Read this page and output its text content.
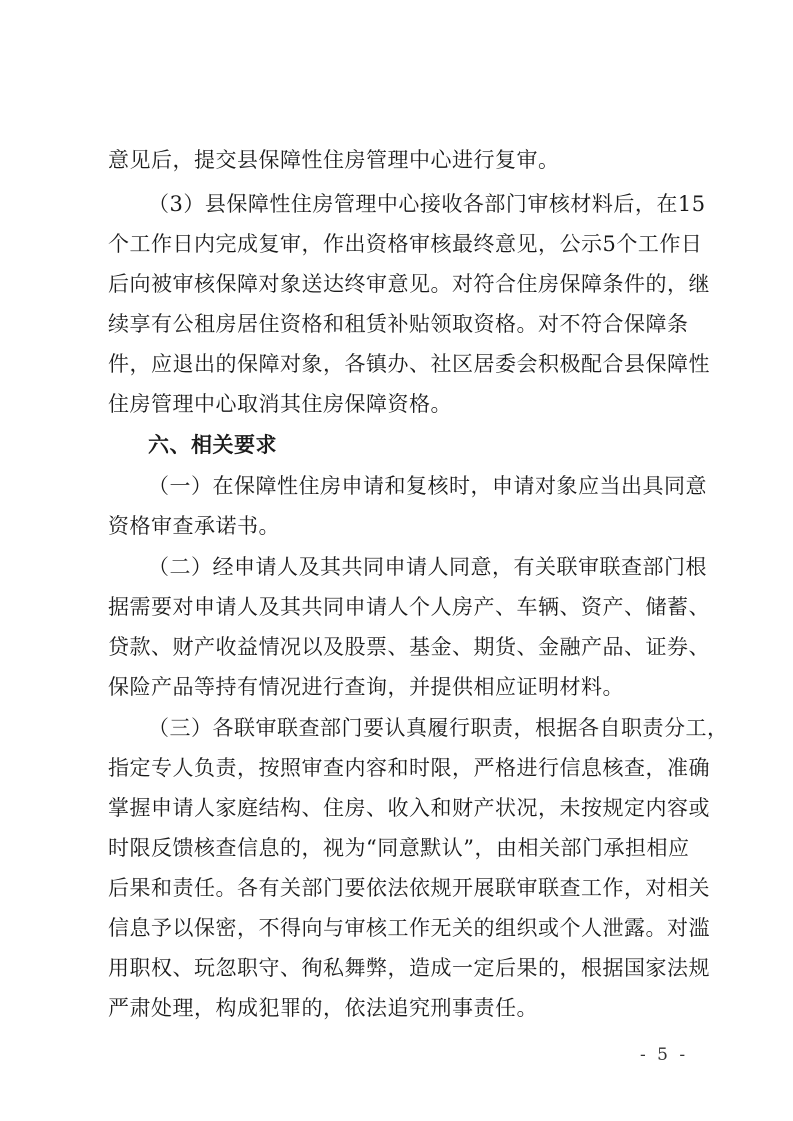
意见后，提交县保障性住房管理中心进行复审。
（3）县保障性住房管理中心接收各部门审核材料后，在15
个工作日内完成复审，作出资格审核最终意见，公示5个工作日
后向被审核保障对象送达终审意见。对符合住房保障条件的，继
续享有公租房居住资格和租赁补贴领取资格。对不符合保障条
件，应退出的保障对象，各镇办、社区居委会积极配合县保障性
住房管理中心取消其住房保障资格。
六、相关要求
（一）在保障性住房申请和复核时，申请对象应当出具同意
资格审查承诺书。
（二）经申请人及其共同申请人同意，有关联审联查部门根
据需要对申请人及其共同申请人个人房产、车辆、资产、储蓄、
贷款、财产收益情况以及股票、基金、期货、金融产品、证券、
保险产品等持有情况进行查询，并提供相应证明材料。
（三）各联审联查部门要认真履行职责，根据各自职责分工，
指定专人负责，按照审查内容和时限，严格进行信息核查，准确
掌握申请人家庭结构、住房、收入和财产状况，未按规定内容或
时限反馈核查信息的，视为“同意默认”，由相关部门承担相应
后果和责任。各有关部门要依法依规开展联审联查工作，对相关
信息予以保密，不得向与审核工作无关的组织或个人泄露。对滥
用职权、玩忽职守、徇私舞弊，造成一定后果的，根据国家法规
严肃处理，构成犯罪的，依法追究刑事责任。
- 5 -
